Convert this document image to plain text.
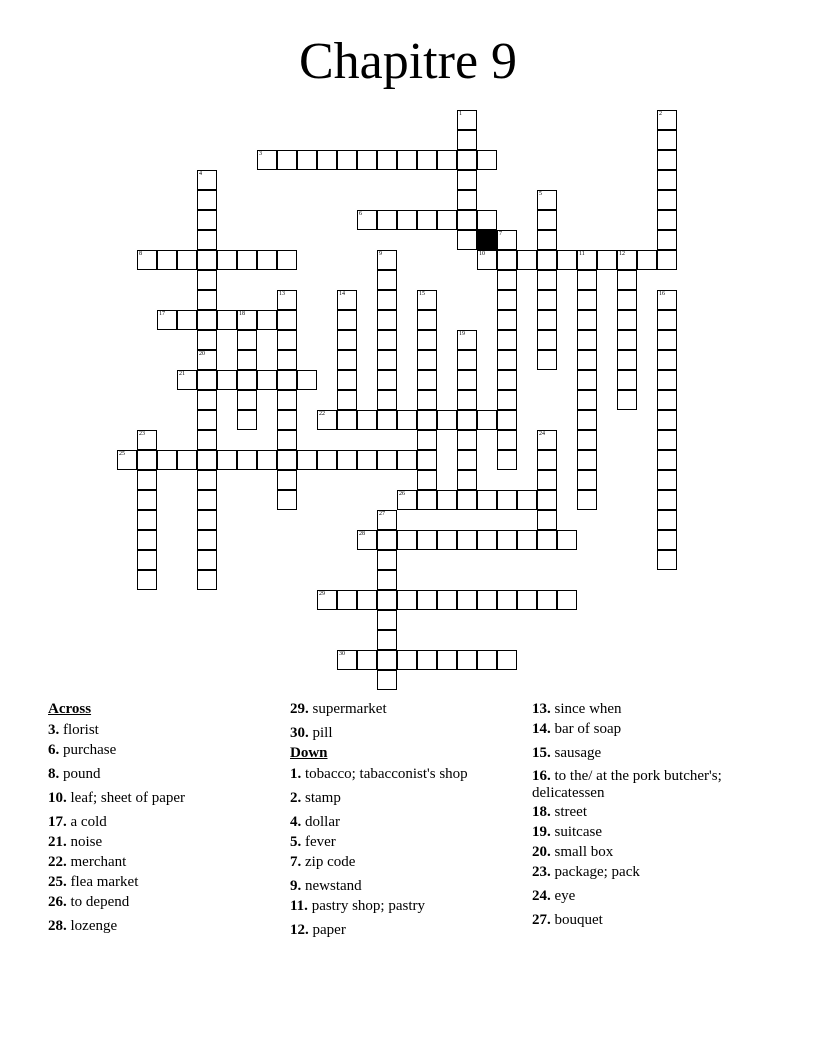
Chapitre 9
1	2
3
4
20
5
6
7
8	9	10	11	12
13	14	15	16
17	18
19
21
22
23	24
25
26
27
28
29
30
Across
3. florist
6. purchase
8. pound
10. leaf; sheet of paper
17. a cold
21. noise
22. merchant
25. flea market
26. to depend
28. lozenge
29. supermarket
30. pill
Down
1. tobacco; tabacconist's shop
2. stamp
4. dollar
5. fever
7. zip code
9. newstand
11. pastry shop; pastry
12. paper
13. since when
14. bar of soap
15. sausage
16. to the/ at the pork butcher's; delicatessen
18. street
19. suitcase
20. small box
23. package; pack
24. eye
27. bouquet
